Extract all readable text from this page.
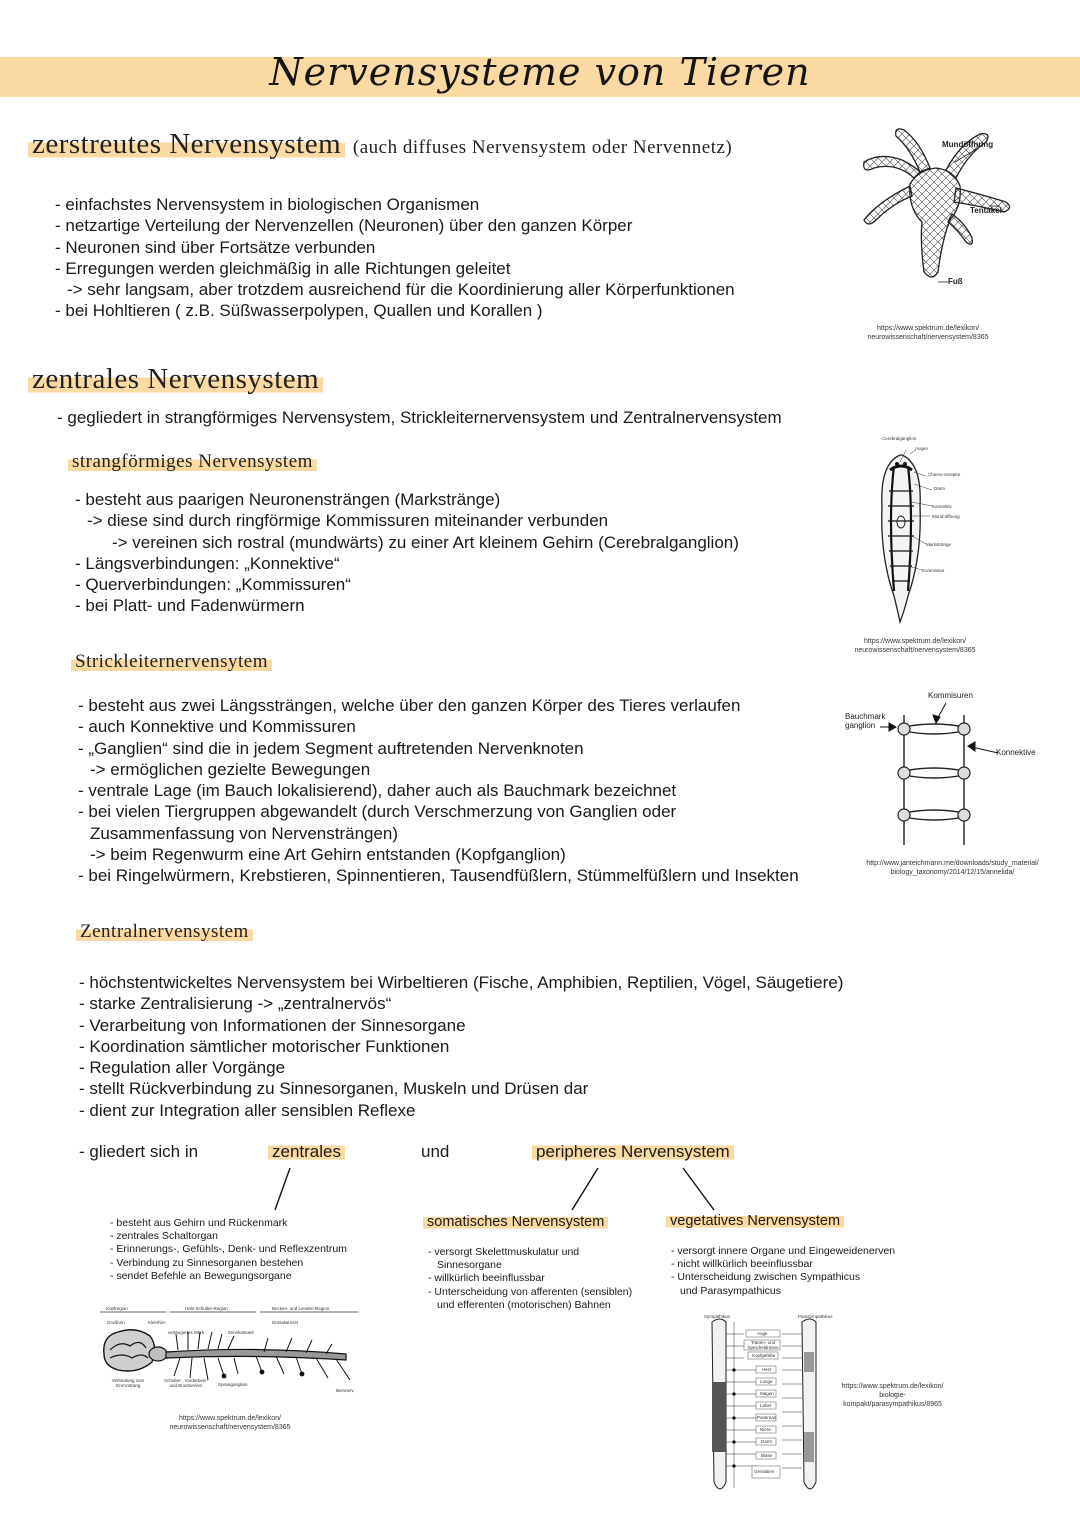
Nervensysteme von Tieren
zerstreutes Nervensystem (auch diffuses Nervensystem oder Nervennetz)
- einfachstes Nervensystem in biologischen Organismen
- netzartige Verteilung der Nervenzellen (Neuronen) über den ganzen Körper
- Neuronen sind über Fortsätze verbunden
- Erregungen werden gleichmäßig in alle Richtungen geleitet
-> sehr langsam, aber trotzdem ausreichend für die Koordinierung aller Körperfunktionen
- bei Hohltieren ( z.B. Süßwasserpolypen, Quallen und Korallen )
Mundöffnung
Tentakel
Fuß
https://www.spektrum.de/lexikon/ neurowissenschaft/nervensystem/8365
zentrales Nervensystem
- gegliedert in strangförmiges Nervensystem, Strickleiternervensystem und Zentralnervensystem
strangförmiges Nervensystem
- besteht aus paarigen Neuronensträngen (Markstränge)
-> diese sind durch ringförmige Kommissuren miteinander verbunden
-> vereinen sich rostral (mundwärts) zu einer Art kleinem Gehirn (Cerebralganglion)
- Längsverbindungen: „Konnektive“
- Querverbindungen: „Kommissuren“
- bei Platt- und Fadenwürmern
Cerebralganglion
Augen
Chemo-rezeptor
Darm
Konnektiv
Mund-öffnung
Markstränge
Kommissur
https://www.spektrum.de/lexikon/ neurowissenschaft/nervensystem/8365
Strickleiternervensytem
- besteht aus zwei Längssträngen, welche über den ganzen Körper des Tieres verlaufen
- auch Konnektive und Kommissuren
- „Ganglien“ sind die in jedem Segment auftretenden Nervenknoten
-> ermöglichen gezielte Bewegungen
- ventrale Lage (im Bauch lokalisierend), daher auch als Bauchmark bezeichnet
- bei vielen Tiergruppen abgewandelt (durch Verschmerzung von Ganglien oder
Zusammenfassung von Nervensträngen)
-> beim Regenwurm eine Art Gehirn entstanden (Kopfganglion)
- bei Ringelwürmern, Krebstieren, Spinnentieren, Tausendfüßlern, Stümmelfüßlern und Insekten
Kommisuren
Bauchmark ganglion
Konnektive
http://www.janteichmann.me/downloads/study_material/ biology_taxonomy/2014/12/15/annelida/
Zentralnervensystem
- höchstentwickeltes Nervensystem bei Wirbeltieren (Fische, Amphibien, Reptilien, Vögel, Säugetiere)
- starke Zentralisierung -> „zentralnervös“
- Verarbeitung von Informationen der Sinnesorgane
- Koordination sämtlicher motorischer Funktionen
- Regulation aller Vorgänge
- stellt Rückverbindung zu Sinnesorganen, Muskeln und Drüsen dar
- dient zur Integration aller sensiblen Reflexe
- gliedert sich in	zentrales	und	peripheres Nervensystem
- besteht aus Gehirn und Rückenmark
- zentrales Schaltorgan
- Erinnerungs-, Gefühls-, Denk- und Reflexzentrum
- Verbindung zu Sinnesorganen bestehen
- sendet Befehle an Bewegungsorgane
somatisches Nervensystem
- versorgt Skelettmuskulatur und
Sinnesorgane
- willkürlich beeinflussbar
- Unterscheidung von afferenten (sensiblen)
und efferenten (motorischen) Bahnen
vegetatives Nervensystem
- versorgt innere Organe und Eingeweidenerven
- nicht willkürlich beeinflussbar
- Unterscheidung zwischen Sympathicus
und Parasympathicus
Kopfregion	Hals-Schulter-Region	Becken- und Lenden-Region
Großhirn	Kleinhirn
verlängertes Mark	Zervikalmark
Dorsalwurzel
Verbindung zum Grenzstrang
Schulter-, Vorderbein- und Brustnerven	Spinalganglion
Beinnerv
https://www.spektrum.de/lexikon/ neurowissenschaft/nervensystem/8365
Sympathikus	Parasympathikus
Auge
Tränen- und Speicheldrüsen
Kopfgefäße
Herz
Lunge
Magen
Leber
Pankreas
Niere
Darm
Blase
Genitalien
https://www.spektrum.de/lexikon/ biologie-kompakt/parasympathikus/8965
